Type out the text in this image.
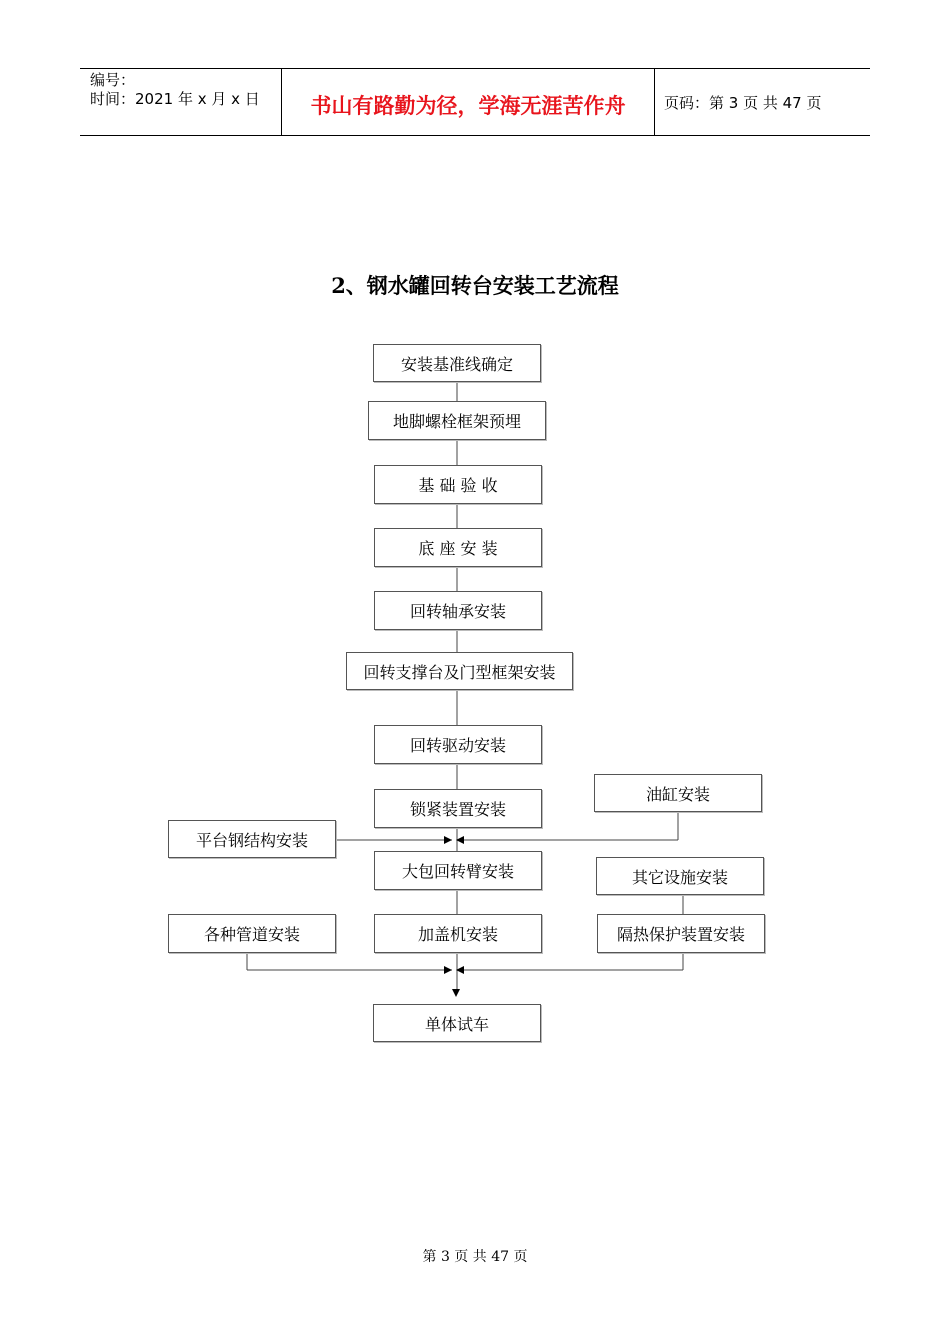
编号：
时间：2021 年 x 月 x 日	书山有路勤为径，学海无涯苦作舟	页码：第 3 页 共 47 页
2、钢水罐回转台安装工艺流程
安装基准线确定
地脚螺栓框架预埋
基 础 验 收
底 座 安 装
回转轴承安装
回转支撑台及门型框架安装
回转驱动安装
锁紧装置安装
油缸安装
平台钢结构安装
大包回转臂安装	其它设施安装
各种管道安装	加盖机安装	隔热保护装置安装
单体试车
第 3 页 共 47 页
